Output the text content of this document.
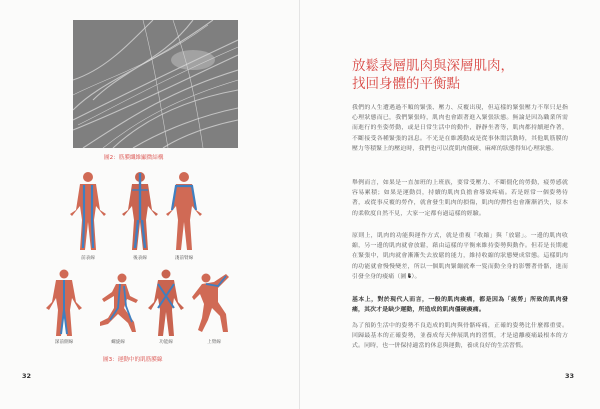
圖2：筋膜纖維顯微結構
前表線	後表線	淺前臂線
深前側線	螺旋線	功能線	上臂線
圖3：運動中的肌筋膜線
32
放鬆表層肌肉與深層肌肉，
找回身體的平衡點
我們的人生遭遇過不順的緊張、壓力、反覆出現，但這樣的緊張壓力不單只是指心理狀態而已，我們緊張時，肌肉也會跟著進入緊張狀態。無論是因為職業所需而進行的坐姿勞動，或是日常生活中的動作，靜靜坐著等，肌肉都持續運作著，不斷接受各種緊張的訊息。不光是在維護動或是從事休閒活動時，其他肌筋膜的壓力等積緊上的壓迫時，我們也可以從肌肉僵硬、麻痺的狀態得知心理狀態。
舉例而言，如果是一直加班的上班族，要常受壓力、不斷僵化的勞動，疲勞感就容易累積；如果是運動員，持續的肌肉負擔會導致疼痛。若是經常一個姿勢待著，或從事反覆的勞作，就會發生肌肉的損傷，肌肉的彈性也會漸漸消失，原本的柔軟度自然不見，大家一定都有過這樣的經驗。
原則上，肌肉的功能與運作方式，就是重複「收縮」與「放鬆」。一邊的肌肉收縮，另一邊的肌肉就會放鬆，藉由這樣的平衡來維持姿勢與動作。但若是長期處在緊張中，肌肉就會漸漸失去放鬆的能力，維持收縮的狀態變成常態。這樣肌肉的功能就會慢慢變差，所以一個肌肉緊繃就牽一髮而動全身的影響著骨骼，進而引發全身的痠痛（圖 4）。
基本上，對於現代人而言，一般的肌肉痠痛，都是因為「疲勞」所致的肌肉發痛，其次才是缺少運動，所造成的肌肉僵硬痠痛。
為了預防生活中的姿勢不良造成的肌肉與骨骼疼痛，正確的姿勢比什麼都重要。回歸最基本的正確姿勢，並養成每天伸展肌肉的習慣，才是遠離痠痛最根本的方式。同時，也一併保持適當的休息與運動，養成良好的生活習慣。
33
